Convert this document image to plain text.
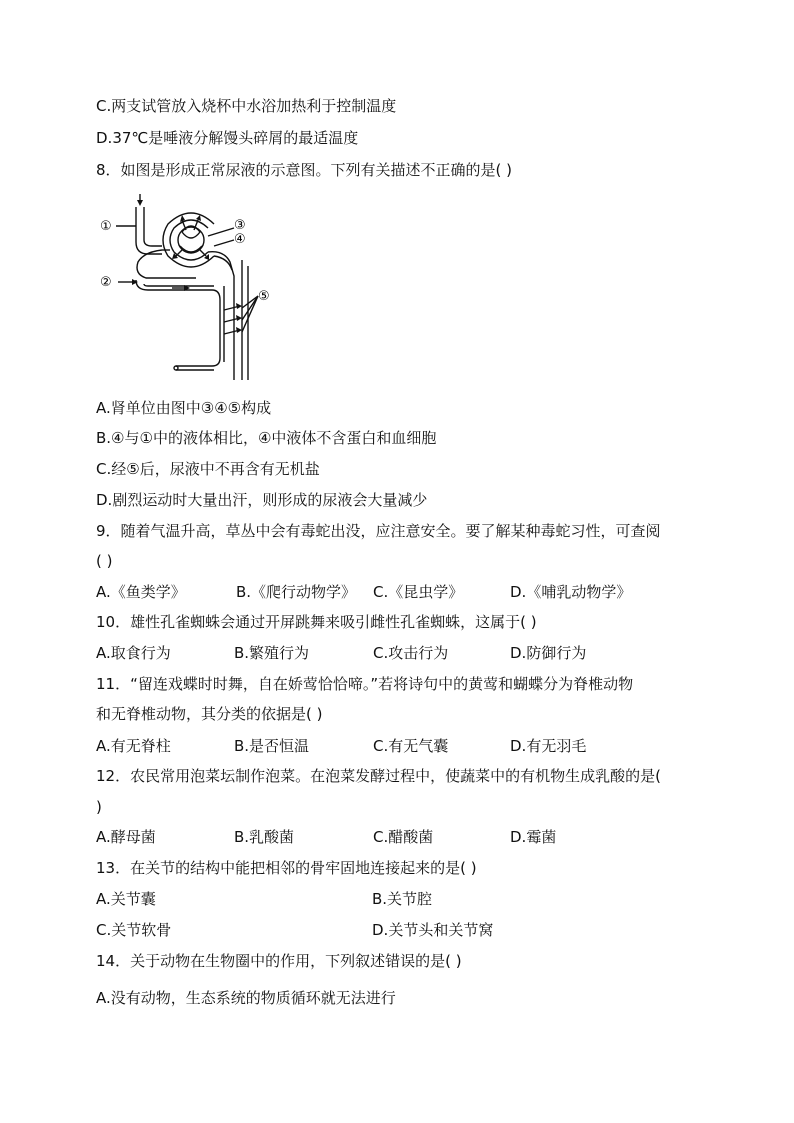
C.两支试管放入烧杯中水浴加热利于控制温度
D.37℃是唾液分解馒头碎屑的最适温度
8．如图是形成正常尿液的示意图。下列有关描述不正确的是( )
①
②
③
④
⑤
A.肾单位由图中③④⑤构成
B.④与①中的液体相比，④中液体不含蛋白和血细胞
C.经⑤后，尿液中不再含有无机盐
D.剧烈运动时大量出汗，则形成的尿液会大量减少
9．随着气温升高，草丛中会有毒蛇出没，应注意安全。要了解某种毒蛇习性，可查阅
( )
A.《鱼类学》	B.《爬行动物学》 C.《昆虫学》	D.《哺乳动物学》
10．雄性孔雀蜘蛛会通过开屏跳舞来吸引雌性孔雀蜘蛛，这属于( )
A.取食行为	B.繁殖行为	C.攻击行为	D.防御行为
11．“留连戏蝶时时舞，自在娇莺恰恰啼。”若将诗句中的黄莺和蝴蝶分为脊椎动物
和无脊椎动物，其分类的依据是( )
A.有无脊柱	B.是否恒温	C.有无气囊	D.有无羽毛
12．农民常用泡菜坛制作泡菜。在泡菜发酵过程中，使蔬菜中的有机物生成乳酸的是(
)
A.酵母菌	B.乳酸菌	C.醋酸菌	D.霉菌
13．在关节的结构中能把相邻的骨牢固地连接起来的是( )
A.关节囊	B.关节腔
C.关节软骨	D.关节头和关节窝
14．关于动物在生物圈中的作用，下列叙述错误的是( )
A.没有动物，生态系统的物质循环就无法进行
